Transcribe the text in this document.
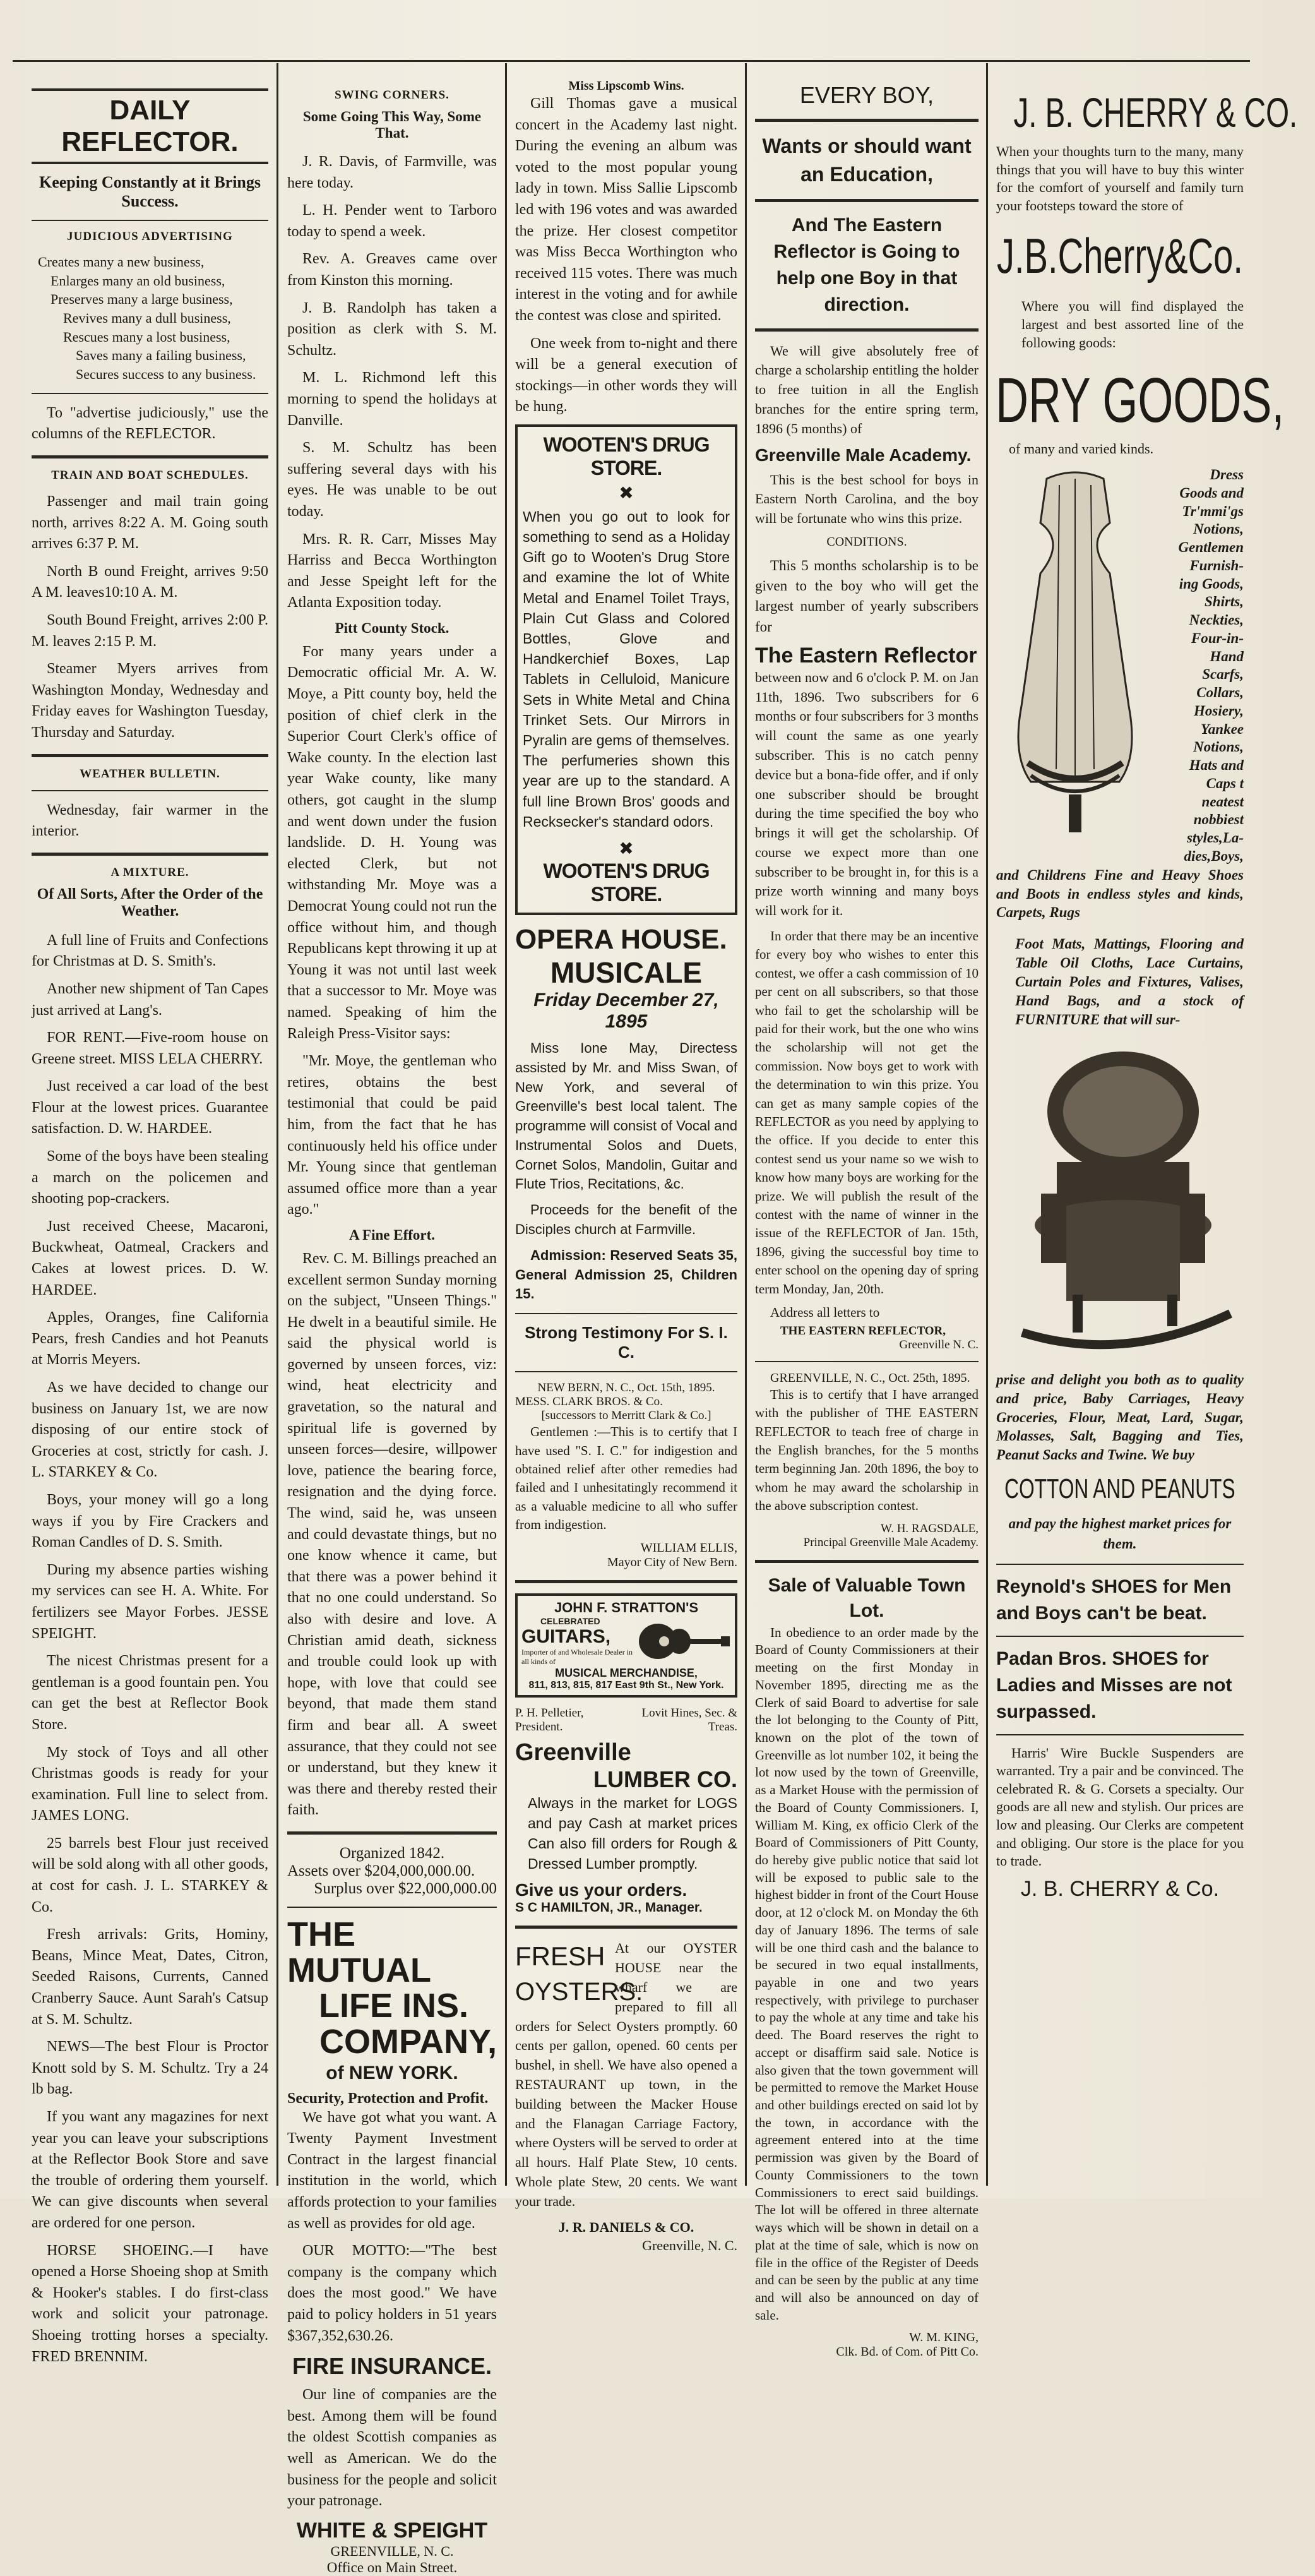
DAILY REFLECTOR.
Keeping Constantly at it Brings Success.
JUDICIOUS ADVERTISING
Creates many a new business,
Enlarges many an old business,
Preserves many a large business,
Revives many a dull business,
Rescues many a lost business,
Saves many a failing business,
Secures success to any business.

To "advertise judiciously," use the columns of the REFLECTOR.

TRAIN AND BOAT SCHEDULES.

Passenger and mail train going north, arrives 8:22 A. M. Going south arrives 6:37 P. M.

North B ound Freight, arrives 9:50 A M. leaves10:10 A. M.

South Bound Freight, arrives 2:00 P. M. leaves 2:15 P. M.

Steamer Myers arrives from Washington Monday, Wednesday and Friday eaves for Washington Tuesday, Thursday and Saturday.

WEATHER BULLETIN.

Wednesday, fair warmer in the interior.

A MIXTURE.
Of All Sorts, After the Order of the Weather.

A full line of Fruits and Confections for Christmas at D. S. Smith's.

Another new shipment of Tan Capes just arrived at Lang's.

FOR RENT.—Five-room house on Greene street. MISS LELA CHERRY.

Just received a car load of the best Flour at the lowest prices. Guarantee satisfaction. D. W. HARDEE.

Some of the boys have been stealing a march on the policemen and shooting pop-crackers.

Just received Cheese, Macaroni, Buckwheat, Oatmeal, Crackers and Cakes at lowest prices. D. W. HARDEE.

Apples, Oranges, fine California Pears, fresh Candies and hot Peanuts at Morris Meyers.

As we have decided to change our business on January 1st, we are now disposing of our entire stock of Groceries at cost, strictly for cash. J. L. STARKEY & Co.

Boys, your money will go a long ways if you by Fire Crackers and Roman Candles of D. S. Smith.

During my absence parties wishing my services can see H. A. White. For fertilizers see Mayor Forbes. JESSE SPEIGHT.

The nicest Christmas present for a gentleman is a good fountain pen. You can get the best at Reflector Book Store.

My stock of Toys and all other Christmas goods is ready for your examination. Full line to select from. JAMES LONG.

25 barrels best Flour just received will be sold along with all other goods, at cost for cash. J. L. STARKEY & Co.

Fresh arrivals: Grits, Hominy, Beans, Mince Meat, Dates, Citron, Seeded Raisons, Currents, Canned Cranberry Sauce. Aunt Sarah's Catsup at S. M. Schultz.

NEWS—The best Flour is Proctor Knott sold by S. M. Schultz. Try a 24 lb bag.

If you want any magazines for next year you can leave your subscriptions at the Reflector Book Store and save the trouble of ordering them yourself. We can give discounts when several are ordered for one person.

HORSE SHOEING.—I have opened a Horse Shoeing shop at Smith & Hooker's stables. I do first-class work and solicit your patronage. Shoeing trotting horses a specialty. FRED BRENNIM.

SWING CORNERS.
Some Going This Way, Some That.

J. R. Davis, of Farmville, was here today.

L. H. Pender went to Tarboro today to spend a week.

Rev. A. Greaves came over from Kinston this morning.

J. B. Randolph has taken a position as clerk with S. M. Schultz.

M. L. Richmond left this morning to spend the holidays at Danville.

S. M. Schultz has been suffering several days with his eyes. He was unable to be out today.

Mrs. R. R. Carr, Misses May Harriss and Becca Worthington and Jesse Speight left for the Atlanta Exposition today.

Pitt County Stock.

For many years under a Democratic official Mr. A. W. Moye, a Pitt county boy, held the position of chief clerk in the Superior Court Clerk's office of Wake county. In the election last year Wake county, like many others, got caught in the slump and went down under the fusion landslide. D. H. Young was elected Clerk, but not withstanding Mr. Moye was a Democrat Young could not run the office without him, and though Republicans kept throwing it up at Young it was not until last week that a successor to Mr. Moye was named. Speaking of him the Raleigh Press-Visitor says:

"Mr. Moye, the gentleman who retires, obtains the best testimonial that could be paid him, from the fact that he has continuously held his office under Mr. Young since that gentleman assumed office more than a year ago."

A Fine Effort.

Rev. C. M. Billings preached an excellent sermon Sunday morning on the subject, "Unseen Things." He dwelt in a beautiful simile. He said the physical world is governed by unseen forces, viz: wind, heat electricity and gravetation, so the natural and spiritual life is governed by unseen forces—desire, willpower love, patience the bearing force, resignation and the dying force. The wind, said he, was unseen and could devastate things, but no one know whence it came, but that there was a power behind it that no one could understand. So also with desire and love. A Christian amid death, sickness and trouble could look up with hope, with love that could see beyond, that made them stand firm and bear all. A sweet assurance, that they could not see or understand, but they knew it was there and thereby rested their faith.

Organized 1842.
Assets over $204,000,000.00.
Surplus over $22,000,000.00
THE MUTUAL
LIFE INS.
COMPANY,
of NEW YORK.
Security, Protection and Profit.

We have got what you want. A Twenty Payment Investment Contract in the largest financial institution in the world, which affords protection to your families as well as provides for old age.

OUR MOTTO:—"The best company is the company which does the most good." We have paid to policy holders in 51 years $367,352,630.26.

FIRE INSURANCE.

Our line of companies are the best. Among them will be found the oldest Scottish companies as well as American. We do the business for the people and solicit your patronage.

WHITE & SPEIGHT
GREENVILLE, N. C.
Office on Main Street.
Miss Lipscomb Wins.

Gill Thomas gave a musical concert in the Academy last night. During the evening an album was voted to the most popular young lady in town. Miss Sallie Lipscomb led with 196 votes and was awarded the prize. Her closest competitor was Miss Becca Worthington who received 115 votes. There was much interest in the voting and for awhile the contest was close and spirited.

One week from to-night and there will be a general execution of stockings—in other words they will be hung.

WOOTEN'S DRUG STORE.
✖

When you go out to look for something to send as a Holiday Gift go to Wooten's Drug Store and examine the lot of White Metal and Enamel Toilet Trays, Plain Cut Glass and Colored Bottles, Glove and Handkerchief Boxes, Lap Tablets in Celluloid, Manicure Sets in White Metal and China Trinket Sets. Our Mirrors in Pyralin are gems of themselves. The perfumeries shown this year are up to the standard. A full line Brown Bros' goods and Recksecker's standard odors.

✖
WOOTEN'S DRUG STORE.
OPERA HOUSE.
MUSICALE
Friday December 27, 1895

Miss Ione May, Directess assisted by Mr. and Miss Swan, of New York, and several of Greenville's best local talent. The programme will consist of Vocal and Instrumental Solos and Duets, Cornet Solos, Mandolin, Guitar and Flute Trios, Recitations, &c.

Proceeds for the benefit of the Disciples church at Farmville.

Admission: Reserved Seats 35, General Admission 25, Children 15.

Strong Testimony For S. I. C.
NEW BERN, N. C., Oct. 15th, 1895.
MESS. CLARK BROS. & Co.
[successors to Merritt Clark & Co.]

Gentlemen :—This is to certify that I have used "S. I. C." for indigestion and obtained relief after other remedies had failed and I unhesitatingly recommend it as a valuable medicine to all who suffer from indigestion.

WILLIAM ELLIS,
Mayor City of New Bern.
JOHN F. STRATTON'S
CELEBRATED
GUITARS,
Importer of and Wholesale Dealer in all kinds of
MUSICAL MERCHANDISE,
811, 813, 815, 817 East 9th St., New York.
P. H. Pelletier, President.
Lovit Hines, Sec. & Treas.
Greenville
LUMBER CO.

Always in the market for LOGS and pay Cash at market prices Can also fill orders for Rough & Dressed Lumber promptly.

Give us your orders.
S C HAMILTON, JR., Manager.
FRESH
OYSTERS.

At our OYSTER HOUSE near the wharf we are prepared to fill all orders for Select Oysters promptly. 60 cents per gallon, opened. 60 cents per bushel, in shell. We have also opened a RESTAURANT up town, in the building between the Macker House and the Flanagan Carriage Factory, where Oysters will be served to order at all hours. Half Plate Stew, 10 cents. Whole plate Stew, 20 cents. We want your trade.

J. R. DANIELS & CO.
Greenville, N. C.
EVERY BOY,
Wants or should want an Education,
And The Eastern Reflector is Going to help one Boy in that direction.

We will give absolutely free of charge a scholarship entitling the holder to free tuition in all the English branches for the entire spring term, 1896 (5 months) of

Greenville Male Academy.

This is the best school for boys in Eastern North Carolina, and the boy will be fortunate who wins this prize.

CONDITIONS.

This 5 months scholarship is to be given to the boy who will get the largest number of yearly subscribers for

The Eastern Reflector

between now and 6 o'clock P. M. on Jan 11th, 1896. Two subscribers for 6 months or four subscribers for 3 months will count the same as one yearly subscriber. This is no catch penny device but a bona-fide offer, and if only one subscriber should be brought during the time specified the boy who brings it will get the scholarship. Of course we expect more than one subscriber to be brought in, for this is a prize worth winning and many boys will work for it.

In order that there may be an incentive for every boy who wishes to enter this contest, we offer a cash commission of 10 per cent on all subscribers, so that those who fail to get the scholarship will be paid for their work, but the one who wins the scholarship will not get the commission. Now boys get to work with the determination to win this prize. You can get as many sample copies of the REFLECTOR as you need by applying to the office. If you decide to enter this contest send us your name so we wish to know how many boys are working for the prize. We will publish the result of the contest with the name of winner in the issue of the REFLECTOR of Jan. 15th, 1896, giving the successful boy time to enter school on the opening day of spring term Monday, Jan, 20th.

Address all letters to
THE EASTERN REFLECTOR,
Greenville N. C.
GREENVILLE, N. C., Oct. 25th, 1895.

This is to certify that I have arranged with the publisher of THE EASTERN REFLECTOR to teach free of charge in the English branches, for the 5 months term beginning Jan. 20th 1896, the boy to whom he may award the scholarship in the above subscription contest.

W. H. RAGSDALE,
Principal Greenville Male Academy.
Sale of Valuable Town Lot.

In obedience to an order made by the Board of County Commissioners at their meeting on the first Monday in November 1895, directing me as the Clerk of said Board to advertise for sale the lot belonging to the County of Pitt, known on the plot of the town of Greenville as lot number 102, it being the lot now used by the town of Greenville, as a Market House with the permission of the Board of County Commissioners. I, William M. King, ex officio Clerk of the Board of Commissioners of Pitt County, do hereby give public notice that said lot will be exposed to public sale to the highest bidder in front of the Court House door, at 12 o'clock M. on Monday the 6th day of January 1896. The terms of sale will be one third cash and the balance to be secured in two equal installments, payable in one and two years respectively, with privilege to purchaser to pay the whole at any time and take his deed. The Board reserves the right to accept or disaffirm said sale. Notice is also given that the town government will be permitted to remove the Market House and other buildings erected on said lot by the town, in accordance with the agreement entered into at the time permission was given by the Board of County Commissioners to the town Commissioners to erect said buildings. The lot will be offered in three alternate ways which will be shown in detail on a plat at the time of sale, which is now on file in the office of the Register of Deeds and can be seen by the public at any time and will also be announced on day of sale.

W. M. KING,
Clk. Bd. of Com. of Pitt Co.
J. B. CHERRY & CO.

When your thoughts turn to the many, many things that you will have to buy this winter for the comfort of yourself and family turn your footsteps toward the store of

J.B.Cherry&Co.

Where you will find displayed the largest and best assorted line of the following goods:

DRY GOODS,
of many and varied kinds.
Dress
Goods and
Tr'mmi'gs
Notions,
Gentlemen
Furnish-
ing Goods,
Shirts,
Neckties,
Four-in-
Hand
Scarfs,
Collars,
Hosiery,
Yankee
Notions,
Hats and
Caps t
neatest
nobbiest
styles,La-
dies,Boys,

and Childrens Fine and Heavy Shoes and Boots in endless styles and kinds, Carpets, Rugs

Foot Mats, Mattings, Flooring and Table Oil Cloths, Lace Curtains, Curtain Poles and Fixtures, Valises, Hand Bags, and a stock of FURNITURE that will sur-

prise and delight you both as to quality and price, Baby Carriages, Heavy Groceries, Flour, Meat, Lard, Sugar, Molasses, Salt, Bagging and Ties, Peanut Sacks and Twine. We buy

COTTON AND PEANUTS

and pay the highest market prices for them.

Reynold's SHOES for Men and Boys can't be beat.
Padan Bros. SHOES for Ladies and Misses are not surpassed.

Harris' Wire Buckle Suspenders are warranted. Try a pair and be convinced. The celebrated R. & G. Corsets a specialty. Our goods are all new and stylish. Our prices are low and pleasing. Our Clerks are competent and obliging. Our store is the place for you to trade.

J. B. CHERRY & Co.
